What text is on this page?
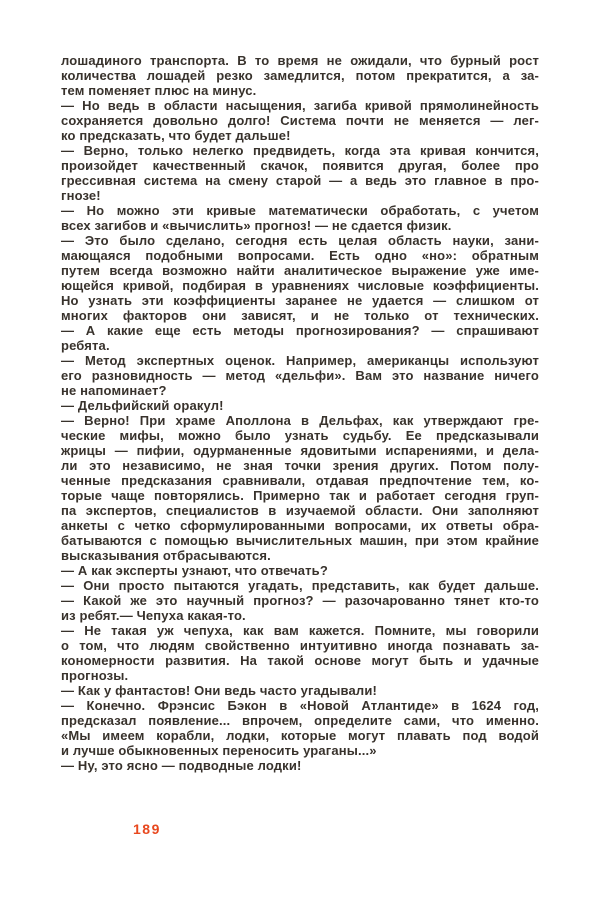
лошадиного транспорта. В то время не ожидали, что бурный рост
количества лошадей резко замедлится, потом прекратится, а за-
тем поменяет плюс на минус.
— Но ведь в области насыщения, загиба кривой прямолинейность
сохраняется довольно долго! Система почти не меняется — лег-
ко предсказать, что будет дальше!
— Верно, только нелегко предвидеть, когда эта кривая кончится,
произойдет качественный скачок, появится другая, более про
грессивная система на смену старой — а ведь это главное в про-
гнозе!
— Но можно эти кривые математически обработать, с учетом
всех загибов и «вычислить» прогноз! — не сдается физик.
— Это было сделано, сегодня есть целая область науки, зани-
мающаяся подобными вопросами. Есть одно «но»: обратным
путем всегда возможно найти аналитическое выражение уже име-
ющейся кривой, подбирая в уравнениях числовые коэффициенты.
Но узнать эти коэффициенты заранее не удается — слишком от
многих факторов они зависят, и не только от технических.
— А какие еще есть методы прогнозирования? — спрашивают
ребята.
— Метод экспертных оценок. Например, американцы используют
его разновидность — метод «дельфи». Вам это название ничего
не напоминает?
— Дельфийский оракул!
— Верно! При храме Аполлона в Дельфах, как утверждают гре-
ческие мифы, можно было узнать судьбу. Ее предсказывали
жрицы — пифии, одурманенные ядовитыми испарениями, и дела-
ли это независимо, не зная точки зрения других. Потом полу-
ченные предсказания сравнивали, отдавая предпочтение тем, ко-
торые чаще повторялись. Примерно так и работает сегодня груп-
па экспертов, специалистов в изучаемой области. Они заполняют
анкеты с четко сформулированными вопросами, их ответы обра-
батываются с помощью вычислительных машин, при этом крайние
высказывания отбрасываются.
— А как эксперты узнают, что отвечать?
— Они просто пытаются угадать, представить, как будет дальше.
— Какой же это научный прогноз? — разочарованно тянет кто-то
из ребят.— Чепуха какая-то.
— Не такая уж чепуха, как вам кажется. Помните, мы говорили
о том, что людям свойственно интуитивно иногда познавать за-
кономерности развития. На такой основе могут быть и удачные
прогнозы.
— Как у фантастов! Они ведь часто угадывали!
— Конечно. Фрэнсис Бэкон в «Новой Атлантиде» в 1624 год,
предсказал появление... впрочем, определите сами, что именно.
«Мы имеем корабли, лодки, которые могут плавать под водой
и лучше обыкновенных переносить ураганы...»
— Ну, это ясно — подводные лодки!
189
